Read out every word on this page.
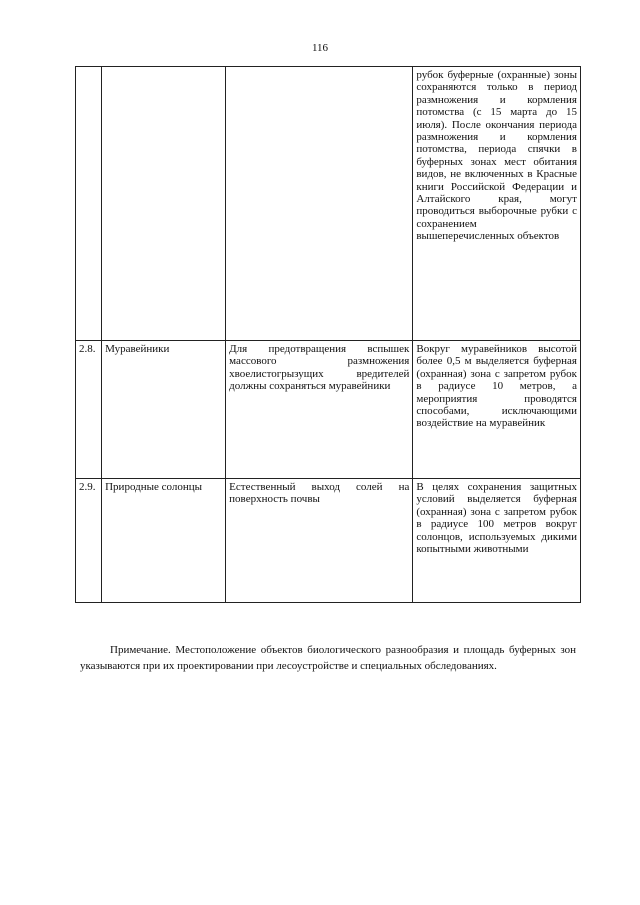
116
			рубок буферные (охранные) зоны сохраняются только в период размножения и кормления потомства (с 15 марта до 15 июля). После окончания периода размножения и кормления потомства, периода спячки в буферных зонах мест обитания видов, не включенных в Красные книги Российской Федерации и Алтайского края, могут проводиться выборочные рубки с сохранением вышеперечисленных объектов
2.8.	Муравейники	Для предотвращения вспышек массового размножения хвоелистогрызущих вредителей должны сохраняться муравейники	Вокруг муравейников высотой более 0,5 м выделяется буферная (охранная) зона с запретом рубок в радиусе 10 метров, а мероприятия проводятся способами, исключающими воздействие на муравейник
2.9.	Природные солонцы	Естественный выход солей на поверхность почвы	В целях сохранения защитных условий выделяется буферная (охранная) зона с запретом рубок в радиусе 100 метров вокруг солонцов, используемых дикими копытными животными

Примечание. Местоположение объектов биологического разнообразия и площадь буферных зон указываются при их проектировании при лесоустройстве и специальных обследованиях.
